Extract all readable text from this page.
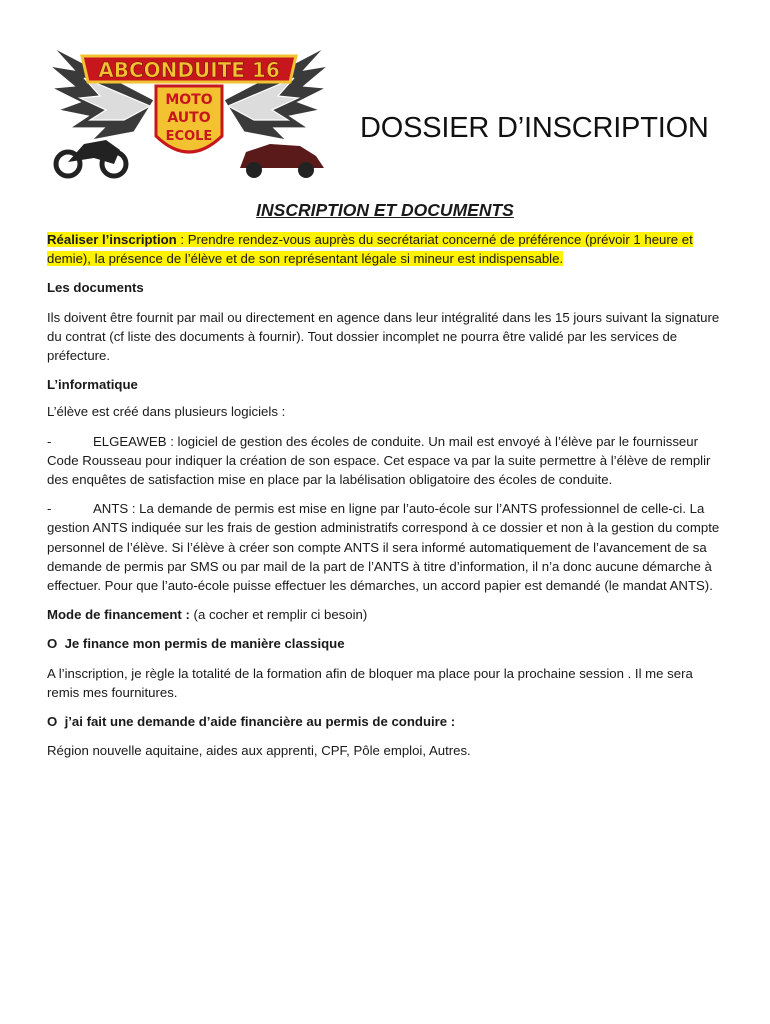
ABCONDUITE 16
MOTO
AUTO
ECOLE	DOSSIER D’INSCRIPTION
INSCRIPTION ET DOCUMENTS

Réaliser l’inscription : Prendre rendez-vous auprès du secrétariat concerné de préférence (prévoir 1 heure et demie), la présence de l’élève et de son représentant légale si mineur est indispensable.

Les documents

Ils doivent être fournit par mail ou directement en agence dans leur intégralité dans les 15 jours suivant la signature du contrat (cf liste des documents à fournir). Tout dossier incomplet ne pourra être validé par les services de préfecture.

L’informatique

L’élève est créé dans plusieurs logiciels :

-	ELGEAWEB : logiciel de gestion des écoles de conduite. Un mail est envoyé à l’élève par le fournisseur Code Rousseau pour indiquer la création de son espace. Cet espace va par la suite permettre à l’élève de remplir des enquêtes de satisfaction mise en place par la labélisation obligatoire des écoles de conduite.

-	ANTS : La demande de permis est mise en ligne par l’auto-école sur l’ANTS professionnel de celle-ci. La gestion ANTS indiquée sur les frais de gestion administratifs correspond à ce dossier et non à la gestion du compte personnel de l’élève. Si l’élève à créer son compte ANTS il sera informé automatiquement de l’avancement de sa demande de permis par SMS ou par mail de la part de l’ANTS à titre d’information, il n’a donc aucune démarche à effectuer. Pour que l’auto-école puisse effectuer les démarches, un accord papier est demandé (le mandat ANTS).

Mode de financement : (a cocher et remplir ci besoin)

O Je finance mon permis de manière classique

A l’inscription, je règle la totalité de la formation afin de bloquer ma place pour la prochaine session . Il me sera remis mes fournitures.

O j’ai fait une demande d’aide financière au permis de conduire :

Région nouvelle aquitaine, aides aux apprenti, CPF, Pôle emploi, Autres.
